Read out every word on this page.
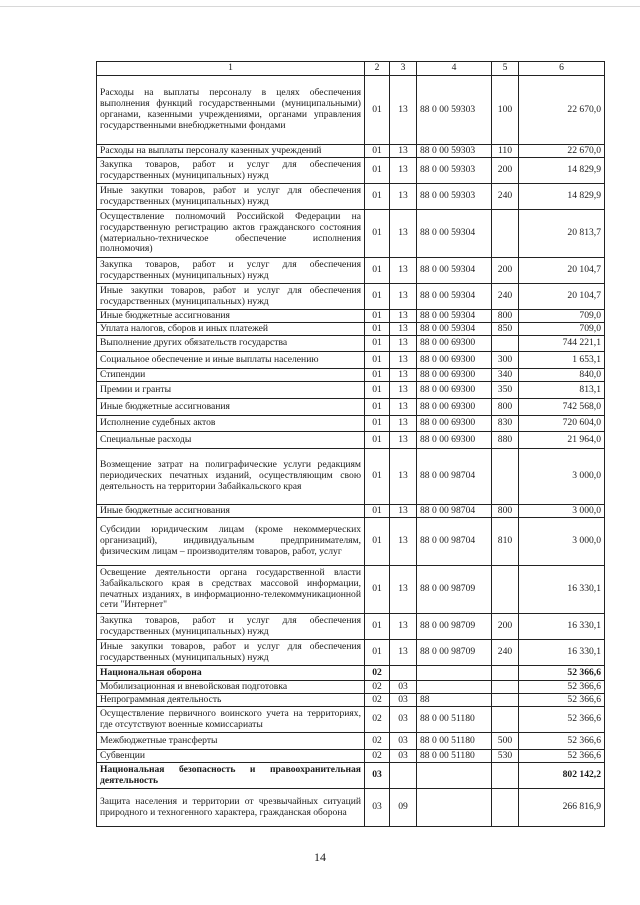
1	2	3	4	5	6
Расходы на выплаты персоналу в целях обеспечения выполнения функций государственными (муниципальными) органами, казенными учреждениями, органами управления государственными внебюджетными фондами	01	13	88 0 00 59303	100	22 670,0
Расходы на выплаты персоналу казенных учреждений	01	13	88 0 00 59303	110	22 670,0
Закупка товаров, работ и услуг для обеспечения государственных (муниципальных) нужд	01	13	88 0 00 59303	200	14 829,9
Иные закупки товаров, работ и услуг для обеспечения государственных (муниципальных) нужд	01	13	88 0 00 59303	240	14 829,9
Осуществление полномочий Российской Федерации на государственную регистрацию актов гражданского состояния (материально-техническое обеспечение исполнения полномочия)	01	13	88 0 00 59304		20 813,7
Закупка товаров, работ и услуг для обеспечения государственных (муниципальных) нужд	01	13	88 0 00 59304	200	20 104,7
Иные закупки товаров, работ и услуг для обеспечения государственных (муниципальных) нужд	01	13	88 0 00 59304	240	20 104,7
Иные бюджетные ассигнования	01	13	88 0 00 59304	800	709,0
Уплата налогов, сборов и иных платежей	01	13	88 0 00 59304	850	709,0
Выполнение других обязательств государства	01	13	88 0 00 69300		744 221,1
Социальное обеспечение и иные выплаты населению	01	13	88 0 00 69300	300	1 653,1
Стипендии	01	13	88 0 00 69300	340	840,0
Премии и гранты	01	13	88 0 00 69300	350	813,1
Иные бюджетные ассигнования	01	13	88 0 00 69300	800	742 568,0
Исполнение судебных актов	01	13	88 0 00 69300	830	720 604,0
Специальные расходы	01	13	88 0 00 69300	880	21 964,0
Возмещение затрат на полиграфические услуги редакциям периодических печатных изданий, осуществляющим свою деятельность на территории Забайкальского края	01	13	88 0 00 98704		3 000,0
Иные бюджетные ассигнования	01	13	88 0 00 98704	800	3 000,0
Субсидии юридическим лицам (кроме некоммерческих организаций), индивидуальным предпринимателям, физическим лицам – производителям товаров, работ, услуг	01	13	88 0 00 98704	810	3 000,0
Освещение деятельности органа государственной власти Забайкальского края в средствах массовой информации, печатных изданиях, в информационно-телекоммуникационной сети "Интернет"	01	13	88 0 00 98709		16 330,1
Закупка товаров, работ и услуг для обеспечения государственных (муниципальных) нужд	01	13	88 0 00 98709	200	16 330,1
Иные закупки товаров, работ и услуг для обеспечения государственных (муниципальных) нужд	01	13	88 0 00 98709	240	16 330,1
Национальная оборона	02				52 366,6
Мобилизационная и вневойсковая подготовка	02	03			52 366,6
Непрограммная деятельность	02	03	88		52 366,6
Осуществление первичного воинского учета на территориях, где отсутствуют военные комиссариаты	02	03	88 0 00 51180		52 366,6
Межбюджетные трансферты	02	03	88 0 00 51180	500	52 366,6
Субвенции	02	03	88 0 00 51180	530	52 366,6
Национальная безопасность и правоохранительная деятельность	03				802 142,2
Защита населения и территории от чрезвычайных ситуаций природного и техногенного характера, гражданская оборона	03	09			266 816,9
14
